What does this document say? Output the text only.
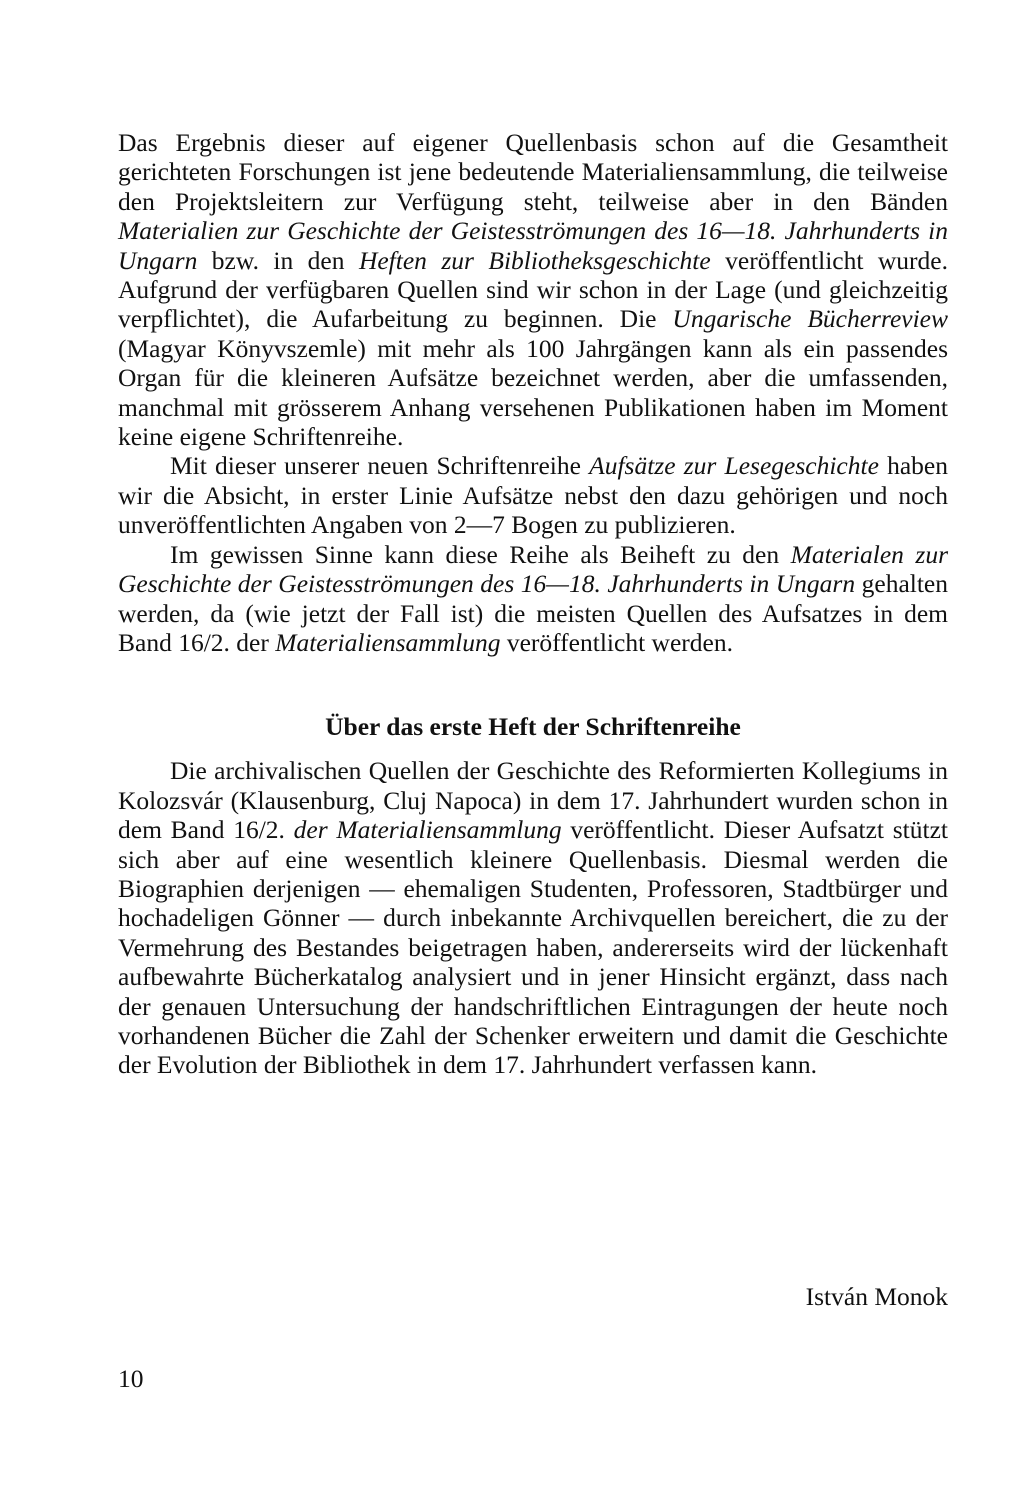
Das Ergebnis dieser auf eigener Quellenbasis schon auf die Gesamtheit gerichteten Forschungen ist jene bedeutende Materialiensammlung, die teilweise den Projektsleitern zur Verfügung steht, teilweise aber in den Bänden Materialien zur Geschichte der Geistesströmungen des 16—18. Jahrhunderts in Ungarn bzw. in den Heften zur Bibliotheksgeschichte veröffentlicht wurde. Aufgrund der verfügbaren Quellen sind wir schon in der Lage (und gleichzeitig verpflichtet), die Aufarbeitung zu beginnen. Die Ungarische Bücherreview (Magyar Könyvszemle) mit mehr als 100 Jahrgängen kann als ein passendes Organ für die kleineren Aufsätze bezeichnet werden, aber die umfassenden, manchmal mit grösserem Anhang versehenen Publikationen haben im Moment keine eigene Schriftenreihe.

Mit dieser unserer neuen Schriftenreihe Aufsätze zur Lesegeschichte haben wir die Absicht, in erster Linie Aufsätze nebst den dazu gehörigen und noch unveröffentlichten Angaben von 2—7 Bogen zu publizieren.

Im gewissen Sinne kann diese Reihe als Beiheft zu den Materialen zur Geschichte der Geistesströmungen des 16—18. Jahrhunderts in Ungarn gehalten werden, da (wie jetzt der Fall ist) die meisten Quellen des Aufsatzes in dem Band 16/2. der Materialiensammlung veröffentlicht werden.

Über das erste Heft der Schriftenreihe

Die archivalischen Quellen der Geschichte des Reformierten Kollegiums in Kolozsvár (Klausenburg, Cluj Napoca) in dem 17. Jahrhundert wurden schon in dem Band 16/2. der Materialiensammlung veröffentlicht. Dieser Aufsatzt stützt sich aber auf eine wesentlich kleinere Quellenbasis. Diesmal werden die Biographien derjenigen — ehemaligen Studenten, Professoren, Stadtbürger und hochadeligen Gönner — durch inbekannte Archivquellen bereichert, die zu der Vermehrung des Bestandes beigetragen haben, andererseits wird der lückenhaft aufbewahrte Bücherkatalog analysiert und in jener Hinsicht ergänzt, dass nach der genauen Untersuchung der handschriftlichen Eintragungen der heute noch vorhandenen Bücher die Zahl der Schenker erweitern und damit die Geschichte der Evolution der Bibliothek in dem 17. Jahrhundert verfassen kann.

István Monok
10
